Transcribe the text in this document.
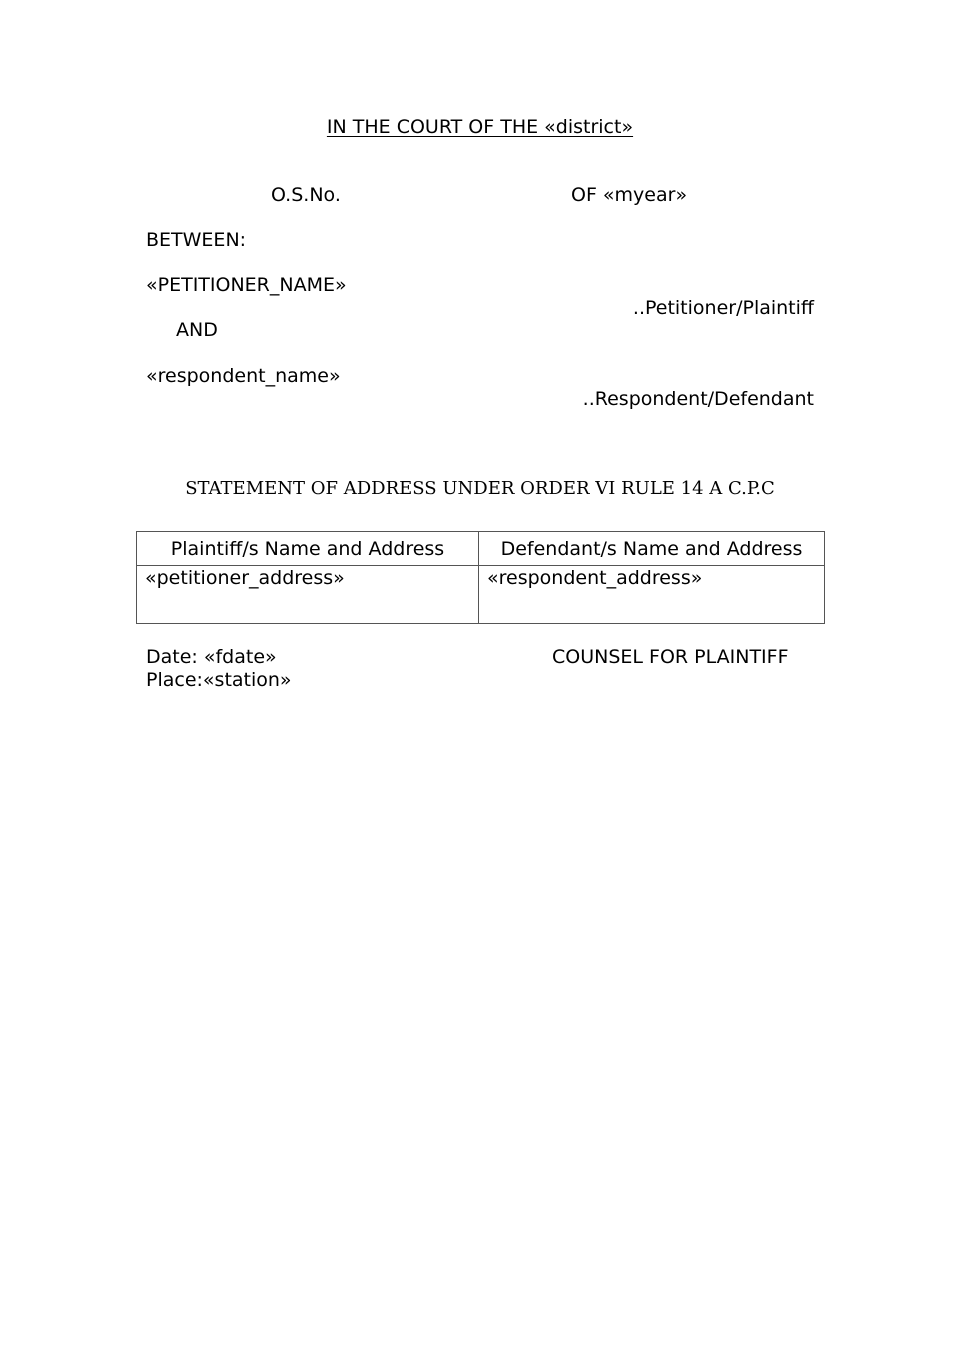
IN THE COURT OF THE «district»
O.S.No.	OF «myear»
BETWEEN:
«PETITIONER_NAME»
..Petitioner/Plaintiff
AND
«respondent_name»
..Respondent/Defendant
STATEMENT OF ADDRESS UNDER ORDER VI RULE 14 A C.P.C
Plaintiff/s Name and Address	Defendant/s Name and Address
«petitioner_address»	«respondent_address»
Date: «fdate»
Place:«station»
COUNSEL FOR PLAINTIFF
